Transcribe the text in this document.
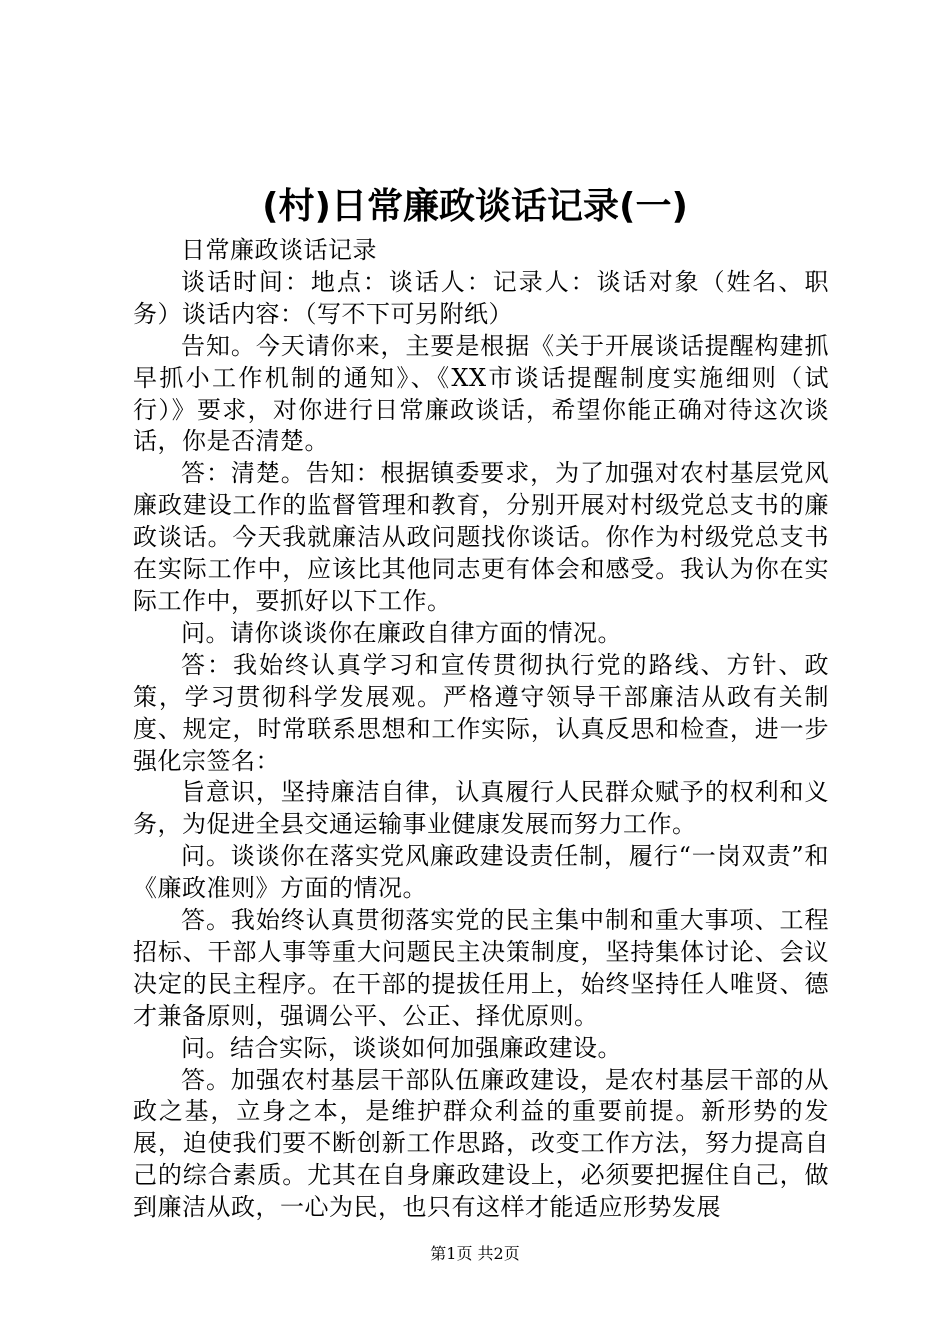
(村)日常廉政谈话记录(一)

日常廉政谈话记录

谈话时间：地点：谈话人：记录人：谈话对象（姓名、职务）谈话内容：（写不下可另附纸）

告知。今天请你来，主要是根据《关于开展谈话提醒构建抓早抓小工作机制的通知》、《XX市谈话提醒制度实施细则（试行）》要求，对你进行日常廉政谈话，希望你能正确对待这次谈话，你是否清楚。

答：清楚。告知：根据镇委要求，为了加强对农村基层党风廉政建设工作的监督管理和教育，分别开展对村级党总支书的廉政谈话。今天我就廉洁从政问题找你谈话。你作为村级党总支书在实际工作中，应该比其他同志更有体会和感受。我认为你在实际工作中，要抓好以下工作。

问。请你谈谈你在廉政自律方面的情况。

答：我始终认真学习和宣传贯彻执行党的路线、方针、政策，学习贯彻科学发展观。严格遵守领导干部廉洁从政有关制度、规定，时常联系思想和工作实际，认真反思和检查，进一步强化宗签名：

旨意识，坚持廉洁自律，认真履行人民群众赋予的权利和义务，为促进全县交通运输事业健康发展而努力工作。

问。谈谈你在落实党风廉政建设责任制，履行“一岗双责”和《廉政准则》方面的情况。

答。我始终认真贯彻落实党的民主集中制和重大事项、工程招标、干部人事等重大问题民主决策制度，坚持集体讨论、会议决定的民主程序。在干部的提拔任用上，始终坚持任人唯贤、德才兼备原则，强调公平、公正、择优原则。

问。结合实际，谈谈如何加强廉政建设。

答。加强农村基层干部队伍廉政建设，是农村基层干部的从政之基，立身之本，是维护群众利益的重要前提。新形势的发展，迫使我们要不断创新工作思路，改变工作方法，努力提高自己的综合素质。尤其在自身廉政建设上，必须要把握住自己，做到廉洁从政，一心为民，也只有这样才能适应形势发展

第1页 共2页
